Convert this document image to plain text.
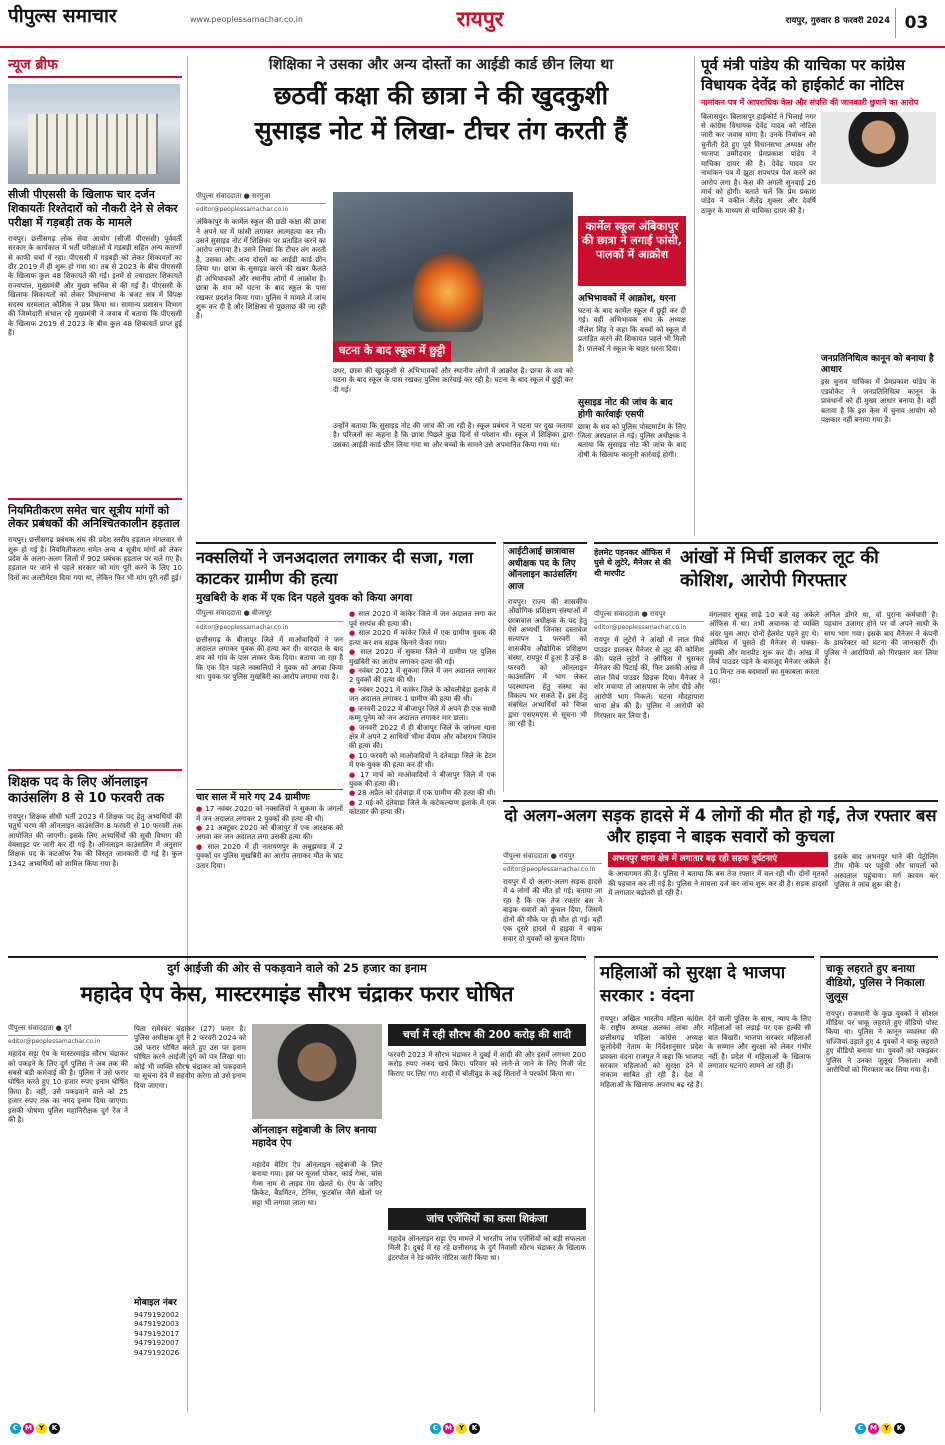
पीपुल्स समाचार	www.peoplessamachar.co.in	रायपुर	रायपुर, गुरुवार 8 फरवरी 2024 03
न्यूज ब्रीफ
सीजी पीएससी के खिलाफ चार दर्जन शिकायतेंः रिश्तेदारों को नौकरी देने से लेकर परीक्षा में गड़बड़ी तक के मामले
रायपुर। छत्तीसगढ़ लोक सेवा आयोग (सीजी पीएससी) पूर्ववर्ती सरकार के कार्यकाल में भर्ती परीक्षाओं में गड़बड़ी सहित अन्य कारणों से काफी चर्चा में रहा। पीएससी में गड़बड़ी को लेकर शिकायतों का दौर 2019 में ही शुरू हो गया था। तब से 2023 के बीच पीएससी के खिलाफ कुल 48 शिकायतें की गईं। इनमें से ज्यादातर शिकायतें राज्यपाल, मुख्यमंत्री और मुख्य सचिव से की गई हैं। पीएससी के खिलाफ शिकायतों को लेकर विधानसभा के बजट सत्र में विपक्ष सदस्य धरमलाल कौशिक ने प्रश्न किया था। सामान्य प्रशासन विभाग की जिम्मेदारी संभाल रहे मुख्यमंत्री ने जवाब में बताया कि पीएससी के खिलाफ 2019 से 2023 के बीच कुल 48 शिकायतें प्राप्त हुई हैं।
नियमितीकरण समेत चार सूत्रीय मांगों को लेकर प्रबंधकों की अनिश्चितकालीन हड़ताल
रायपुर। छत्तीसगढ़ प्रबंधक संघ की प्रदेश स्तरीय हड़ताल मंगलवार से शुरू हो गई है। नियमितीकरण समेत अन्य 4 सूत्रीय मांगों को लेकर प्रदेश के अलग-अलग जिलों में 902 प्रबंधक हड़ताल पर चले गए हैं। हड़ताल पर जाने से पहले सरकार को मांग पूरी करने के लिए 10 दिनों का अल्टीमेटम दिया गया था, लेकिन फिर भी मांग पूरी नहीं हुई।
शिक्षक पद के लिए ऑनलाइन काउंसलिंग 8 से 10 फरवरी तक
रायपुर। शिक्षक सीधी भर्ती 2023 में शिक्षक पद हेतु अभ्यर्थियों की चतुर्थ चरण की ऑनलाइन काउंसलिंग 8 फरवरी से 10 फरवरी तक आयोजित की जाएगी। इसके लिए अभ्यर्थियों की सूची विभाग की वेबसाइट पर जारी कर दी गई है। ऑनलाइन काउंसलिंग में अनुसार शिक्षक पद के कटऑफ रैंक की विस्तृत जानकारी दी गई है। कुल 1342 अभ्यर्थियों को शामिल किया गया है।
शिक्षिका ने उसका और अन्य दोस्तों का आईडी कार्ड छीन लिया था
छठवीं कक्षा की छात्रा ने की खुदकुशी
सुसाइड नोट में लिखा- टीचर तंग करती हैं
पीपुल्स संवाददाता ● सरगुजा
editor@peoplessamachar.co.in
अंबिकापुर के कार्मेल स्कूल की छठी कक्षा की छात्रा ने अपने घर में फांसी लगाकर आत्महत्या कर ली। उसने सुसाइड नोट में शिक्षिका पर प्रताड़ित करने का आरोप लगाया है। उसने लिखा कि टीचर तंग करती है, उसका और अन्य दोस्तों का आईडी कार्ड छीन लिया था। छात्रा के सुसाइड करने की खबर फैलते ही अभिभावकों और स्थानीय लोगों में आक्रोश है। छात्रा के शव को घटना के बाद स्कूल के पास रखकर प्रदर्शन किया गया। पुलिस ने मामले में जांच शुरू कर दी है और शिक्षिका से पूछताछ की जा रही है।
घटना के बाद स्कूल में छुट्टी
उधर, छात्रा की खुदकुशी से अभिभावकों और स्थानीय लोगों में आक्रोश है। छात्रा के शव को घटना के बाद स्कूल के पास रखकर पुलिस कार्रवाई कर रही है। घटना के बाद स्कूल में छुट्टी कर दी गई।
उन्होंने बताया कि सुसाइड नोट की जांच की जा रही है। स्कूल प्रबंधन ने घटना पर दुख जताया है। परिजनों का कहना है कि छात्रा पिछले कुछ दिनों से परेशान थी। स्कूल में शिक्षिका द्वारा उसका आईडी कार्ड छीन लिया गया था और बच्चों के सामने उसे अपमानित किया गया था।
कार्मेल स्कूल अंबिकापुर की छात्रा ने लगाई फांसी, पालकों में आक्रोश
अभिभावकों में आक्रोश, धरना
घटना के बाद कार्मेल स्कूल में छुट्टी कर दी गई। वहीं अभिभावक संघ के अध्यक्ष नीलेश सिंह ने कहा कि बच्चों को स्कूल में प्रताड़ित करने की शिकायत पहले भी मिली है। पालकों ने स्कूल के बाहर धरना दिया।
सुसाइड नोट की जांच के बाद होगी कार्रवाईः एसपी
छात्रा के शव को पुलिस पोस्टमार्टम के लिए जिला अस्पताल ले गई। पुलिस अधीक्षक ने बताया कि सुसाइड नोट की जांच के बाद दोषी के खिलाफ कानूनी कार्रवाई होगी।
पूर्व मंत्री पांडेय की याचिका पर कांग्रेस विधायक देवेंद्र को हाईकोर्ट का नोटिस
नामांकन पत्र में आपराधिक केस और संपत्ति की जानकारी छुपाने का आरोप
बिलासपुर। बिलासपुर हाईकोर्ट ने भिलाई नगर से कांग्रेस विधायक देवेंद्र यादव को नोटिस जारी कर जवाब मांगा है। उनके निर्वाचन को चुनौती देते हुए पूर्व विधानसभा अध्यक्ष और भाजपा उम्मीदवार प्रेमप्रकाश पांडेय ने याचिका दायर की है। देवेंद्र यादव पर नामांकन पत्र में झूठा शपथपत्र पेश करने का आरोप लगा है। केस की अगली सुनवाई 20 मार्च को होगी। बताते चलें कि प्रेम प्रकाश पांडेय ने वकील शैलेंद्र शुक्ला और देवर्षि ठाकुर के माध्यम से याचिका दायर की है।
जनप्रतिनिधित्व कानून को बनाया है आधार
इस चुनाव याचिका में प्रेमप्रकाश पांडेय के एडवोकेट ने जनप्रतिनिधित्व कानून के प्रावधानों को ही मुख्य आधार बनाया है। वहीं बताया है कि इस केस में चुनाव आयोग को पक्षकार नहीं बनाया गया है।
नक्सलियों ने जनअदालत लगाकर दी सजा, गला काटकर ग्रामीण की हत्या
मुखबिरी के शक में एक दिन पहले युवक को किया अगवा
पीपुल्स संवाददाता ● बीजापुर
editor@peoplessamachar.co.in
छत्तीसगढ़ के बीजापुर जिले में माओवादियों ने जन अदालत लगाकर युवक की हत्या कर दी। वारदात के बाद शव को गांव के पास लाकर फेंक दिया। बताया जा रहा है कि एक दिन पहले नक्सलियों ने युवक को अगवा किया था। युवक पर पुलिस मुखबिरी का आरोप लगाया गया है।
चार साल में मारे गए 24 ग्रामीणः
● 17 नवंबर 2020 को नक्सलियों ने सुकमा के जंगलों में जन अदालत लगाकर 2 युवकों की हत्या की थी।
● 21 अक्टूबर 2020 को बीजापुर में एक आरक्षक को अगवा कर जन अदालत लगा उसकी हत्या की।
● साल 2020 में ही नारायणपुर के अबूझमाड़ में 2 युवकों पर पुलिस मुखबिरी का आरोप लगाकर मौत के घाट उतार दिया।
● साल 2020 में कांकेर जिले में जन अदालत लगा कर पूर्व सरपंच की हत्या की।
● साल 2020 में कांकेर जिले में एक ग्रामीण युवक की हत्या कर शव सड़क किनारे फेंका गया।
● साल 2020 में सुकमा जिले में ग्रामीण पर पुलिस मुखबिरी का आरोप लगाकर हत्या की गई।
● नवंबर 2021 में सुकमा जिले में जन अदालत लगाकर 2 युवकों की हत्या की थी।
● नवंबर 2021 में कांकेर जिले के कोयलीबेड़ा इलाके में जन अदालत लगाकर 1 ग्रामीण की हत्या की थी।
● जनवरी 2022 में बीजापुर जिले में अपने ही एक साथी कम्मू पूनेम को जन अदालत लगाकर मार डाला।
● जनवरी 2022 में ही बीजापुर जिले के जांगला थाना क्षेत्र में अपने 2 साथियों भीमा वेंयाम और कोसराम जियांन की हत्या की।
● 10 फरवरी को माओवादियों ने दंतेवाड़ा जिले के टेटम में एक युवक की हत्या कर दी थी।
● 17 मार्च को माओवादियों ने बीजापुर जिले में एक युवक की हत्या की।
● 28 अप्रैल को दंतेवाड़ा में एक ग्रामीण की हत्या की थी।
● 2 मई को दंतेवाड़ा जिले के कटेकल्याण इलाके में एक कोटवार की हत्या की।
आईटीआई छात्रावास अधीक्षक पद के लिए ऑनलाइन काउंसलिंग आज
रायपुर। राज्य की शासकीय औद्योगिक प्रशिक्षण संस्थाओं में छात्रावास अधीक्षक के पद हेतु ऐसे अभ्यर्थी जिनका दस्तावेज सत्यापन 1 फरवरी को शासकीय औद्योगिक प्रशिक्षण संस्था, रायपुर में हुआ है उन्हें 8 फरवरी को ऑनलाइन काउंसलिंग में भाग लेकर पदस्थापना हेतु संस्था का विकल्प भर सकते हैं। इस हेतु संबंधित अभ्यर्थियों को चिप्स द्वारा एसएमएस से सूचना भी जा रही है।
हेलमेट पहनकर ऑफिस में घुसे थे लुटेरे, मैनेजर से की थी मारपीट
आंखों में मिर्ची डालकर लूट की कोशिश, आरोपी गिरफ्तार
पीपुल्स संवाददाता ● रायपुर
editor@peoplessamachar.co.in
रायपुर में लुटेरों ने आंखों में लाल मिर्च पाउडर डालकर मैनेजर से लूट की कोशिश की। पहले लुटेरों ने ऑफिस में घुसकर मैनेजर की पिटाई की, फिर उसकी आंख में लाल मिर्च पाउडर छिड़क दिया। मैनेजर ने शोर मचाया तो आसपास के लोग दौड़े और आरोपी भाग निकले। घटना मौदहापारा थाना क्षेत्र की है। पुलिस ने आरोपी को गिरफ्तार कर लिया है।
मंगलवार सुबह साढ़े 10 बजे वह अकेले ऑफिस में था। तभी अचानक दो व्यक्ति अंदर घुस आए। दोनों हेलमेट पहने हुए थे। ऑफिस में घुसते ही मैनेजर से धक्का-मुक्की और मारपीट शुरू कर दी। आंख में मिर्च पाउडर पड़ने के बावजूद मैनेजर अकेले 10 मिनट तक बदमाशों का मुकाबला करता रहा।
अनिल डोंगरे था, वो पुराना कर्मचारी है। पहचान उजागर होने पर वो अपने साथी के साथ भाग गया। इसके बाद मैनेजर ने कंपनी के डायरेक्टर को घटना की जानकारी दी। पुलिस ने आरोपियों को गिरफ्तार कर लिया है।
दो अलग-अलग सड़क हादसे में 4 लोगों की मौत हो गई, तेज रफ्तार बस और हाइवा ने बाइक सवारों को कुचला
पीपुल्स संवाददाता ● रायपुर
editor@peoplessamachar.co.in
रायपुर में दो अलग-अलग सड़क हादसे में 4 लोगों की मौत हो गई। बताया जा रहा है कि एक तेज रफ्तार बस ने बाइक सवारों को कुचल दिया, जिसमें दोनों की मौके पर ही मौत हो गई। वहीं एक दूसरे हादसे में हाइवा ने बाइक सवार दो युवकों को कुचल दिया।
अभनपुर थाना क्षेत्र में लगातार बढ़ रही सड़क दुर्घटनाएं
के आवागमन की है। पुलिस ने बताया कि बस तेज रफ्तार में चल रही थी। दोनों मृतकों की पहचान कर ली गई है। पुलिस ने मामला दर्ज कर जांच शुरू कर दी है। सड़क हादसों में लगातार बढ़ोतरी हो रही है।
इसके बाद अभनपुर थाने की पेट्रोलिंग टीम मौके पर पहुंची और घायलों को अस्पताल पहुंचाया। मर्ग कायम कर पुलिस ने जांच शुरू की है।
दुर्ग आईजी की ओर से पकड़वाने वाले को 25 हजार का इनाम
महादेव ऐप केस, मास्टरमाइंड सौरभ चंद्राकर फरार घोषित
पीपुल्स संवाददाता ● दुर्ग
editor@peoplessamachar.co.in
महादेव सट्टा ऐप के मास्टरमाइंड सौरभ चंद्राकर को पकड़ने के लिए दुर्ग पुलिस ने अब तक की सबसे बड़ी कार्रवाई की है। पुलिस ने उसे फरार घोषित करते हुए 10 हजार रुपए इनाम घोषित किया है। वहीं, उसे पकड़वाने वाले को 25 हजार रुपए तक का नगद इनाम दिया जाएगा। इसकी घोषणा पुलिस महानिरीक्षक दुर्ग रेंज ने की है।
पिता रामेश्वर चंद्राकर (27) फरार है। पुलिस अधीक्षक दुर्ग ने 2 फरवरी 2024 को उसे फरार घोषित करते हुए उस पर इनाम घोषित करने आईजी दुर्ग को पत्र लिखा था। कोई भी व्यक्ति सौरभ चंद्राकर को पकड़वाने या सूचना देने में सहयोग करेगा तो उसे इनाम दिया जाएगा।
मोबाइल नंबर
9479192002
9479192003
9479192017
9479192007
9479192026
ऑनलाइन सट्टेबाजी के लिए बनाया महादेव ऐप
महादेव बेटिंग ऐप ऑनलाइन सट्टेबाजी के लिए बनाया गया। इस पर यूजर्स पोकर, कार्ड गेम्स, चांस गेम्स नाम से लाइव गेम खेलते थे। ऐप के जरिए क्रिकेट, बैडमिंटन, टेनिस, फुटबॉल जैसे खेलों पर सट्टा भी लगाया जाता था।
चर्चा में रही सौरभ की 200 करोड़ की शादी
फरवरी 2023 में सौरभ चंद्राकर ने दुबई में शादी की और इसमें लगभग 200 करोड़ रुपए नकद खर्च किए। परिवार को लाने-ले जाने के लिए निजी जेट किराए पर लिए गए। शादी में बॉलीवुड के कई सितारों ने परफॉर्म किया था।
जांच एजेंसियों का कसा शिकंजा
महादेव ऑनलाइन सट्टा ऐप मामले में भारतीय जांच एजेंसियों को बड़ी सफलता मिली है। दुबई में रह रहे छत्तीसगढ़ के दुर्ग निवासी सौरभ चंद्राकर के खिलाफ इंटरपोल ने रेड कॉर्नर नोटिस जारी किया था।
महिलाओं को सुरक्षा दे भाजपा सरकार : वंदना
रायपुर। अखिल भारतीय महिला कांग्रेस के राष्ट्रीय अध्यक्ष अलका लांबा और छत्तीसगढ़ महिला कांग्रेस अध्यक्ष फूलोदेवी नेताम के निर्देशानुसार प्रदेश प्रवक्ता वंदना राजपूत ने कहा कि भाजपा सरकार महिलाओं को सुरक्षा देने में नाकाम साबित हो रही है। देश में महिलाओं के खिलाफ अपराध बढ़ रहे हैं।
देने वाली पुलिस के साथ, न्याय के लिए महिलाओं को लड़ाई पर एक हल्की सी बात बिखरी। भाजपा सरकार महिलाओं के सम्मान और सुरक्षा को लेकर गंभीर नहीं है। प्रदेश में महिलाओं के खिलाफ लगातार घटनाएं सामने आ रही हैं।
चाकू लहराते हुए बनाया वीडियो, पुलिस ने निकाला जुलूस
रायपुर। राजधानी के कुछ युवकों ने सोशल मीडिया पर चाकू लहराते हुए वीडियो पोस्ट किया था। पुलिस ने कानून व्यवस्था की धज्जियां उड़ाते हुए 4 युवकों ने चाकू लहराते हुए वीडियो बनाया था। युवकों को पकड़कर पुलिस ने उनका जुलूस निकाला। सभी आरोपियों को गिरफ्तार कर लिया गया है।
C M Y	K	C M Y	K	C M Y	K
